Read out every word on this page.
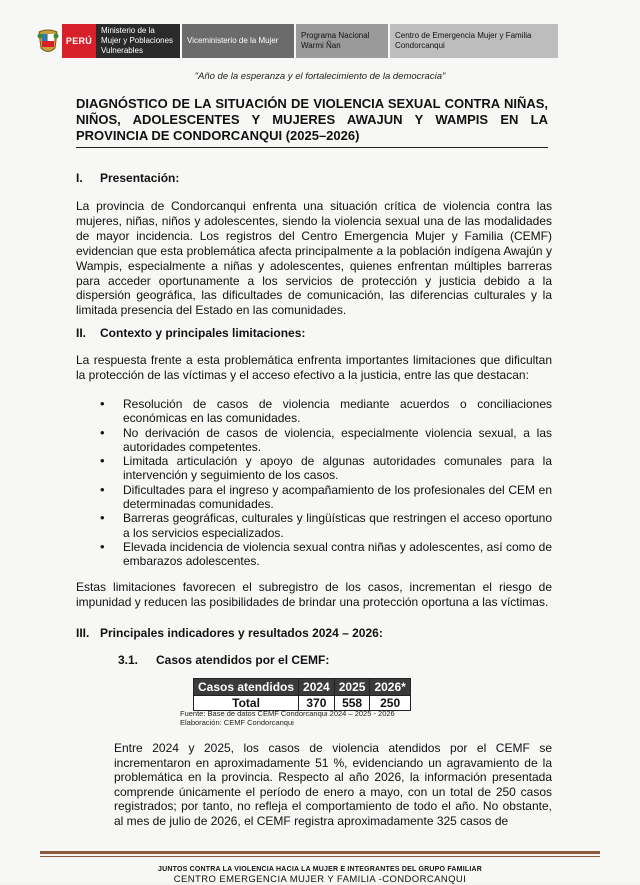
PERÚ
Ministerio de la Mujer y Poblaciones Vulnerables
Viceministerio de la Mujer
Programa Nacional Warmi Ñan
Centro de Emergencia Mujer y Familia Condorcanqui
"Año de la esperanza y el fortalecimiento de la democracia"
DIAGNÓSTICO DE LA SITUACIÓN DE VIOLENCIA SEXUAL CONTRA NIÑAS, NIÑOS, ADOLESCENTES Y MUJERES AWAJUN Y WAMPIS EN LA PROVINCIA DE CONDORCANQUI (2025–2026)
I. Presentación:

La provincia de Condorcanqui enfrenta una situación crítica de violencia contra las mujeres, niñas, niños y adolescentes, siendo la violencia sexual una de las modalidades de mayor incidencia. Los registros del Centro Emergencia Mujer y Familia (CEMF) evidencian que esta problemática afecta principalmente a la población indígena Awajún y Wampis, especialmente a niñas y adolescentes, quienes enfrentan múltiples barreras para acceder oportunamente a los servicios de protección y justicia debido a la dispersión geográfica, las dificultades de comunicación, las diferencias culturales y la limitada presencia del Estado en las comunidades.

II. Contexto y principales limitaciones:

La respuesta frente a esta problemática enfrenta importantes limitaciones que dificultan la protección de las víctimas y el acceso efectivo a la justicia, entre las que destacan:

• Resolución de casos de violencia mediante acuerdos o conciliaciones económicas en las comunidades.
• No derivación de casos de violencia, especialmente violencia sexual, a las autoridades competentes.
• Limitada articulación y apoyo de algunas autoridades comunales para la intervención y seguimiento de los casos.
• Dificultades para el ingreso y acompañamiento de los profesionales del CEM en determinadas comunidades.
• Barreras geográficas, culturales y lingüísticas que restringen el acceso oportuno a los servicios especializados.
• Elevada incidencia de violencia sexual contra niñas y adolescentes, así como de embarazos adolescentes.

Estas limitaciones favorecen el subregistro de los casos, incrementan el riesgo de impunidad y reducen las posibilidades de brindar una protección oportuna a las víctimas.

III. Principales indicadores y resultados 2024 – 2026:
3.1. Casos atendidos por el CEMF:
Casos atendidos	2024	2025	2026*
Total	370	558	250
Fuente: Base de datos CEMF Condorcanqui 2024 – 2025 - 2026
Elaboración: CEMF Condorcanqui

Entre 2024 y 2025, los casos de violencia atendidos por el CEMF se incrementaron en aproximadamente 51 %, evidenciando un agravamiento de la problemática en la provincia. Respecto al año 2026, la información presentada comprende únicamente el período de enero a mayo, con un total de 250 casos registrados; por tanto, no refleja el comportamiento de todo el año. No obstante, al mes de julio de 2026, el CEMF registra aproximadamente 325 casos de

JUNTOS CONTRA LA VIOLENCIA HACIA LA MUJER E INTEGRANTES DEL GRUPO FAMILIAR
CENTRO EMERGENCIA MUJER Y FAMILIA -CONDORCANQUI
